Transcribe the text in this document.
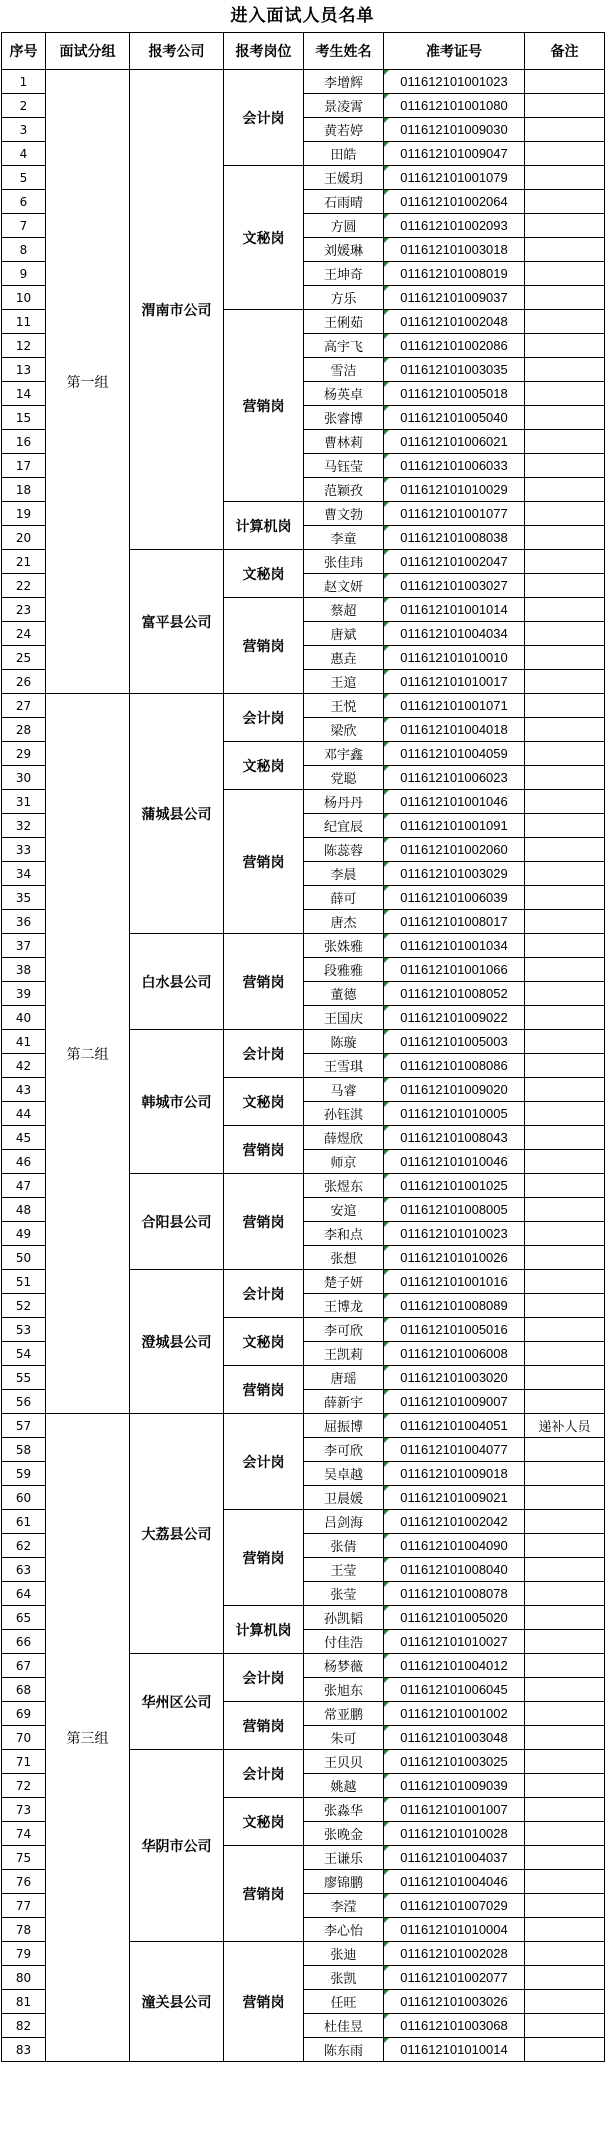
进入面试人员名单
序号	面试分组	报考公司	报考岗位	考生姓名	准考证号	备注
1	第一组	渭南市公司	会计岗	李增辉	011612101001023	
2				景凌霄	011612101001080	
3				黄若婷	011612101009030	
4				田皓	011612101009047	
5			文秘岗	王媛玥	011612101001079	
6				石雨晴	011612101002064	
7				方圆	011612101002093	
8				刘媛琳	011612101003018	
9				王坤奇	011612101008019	
10				方乐	011612101009037	
11			营销岗	王俐茹	011612101002048	
12				高宇飞	011612101002086	
13				雪洁	011612101003035	
14				杨英卓	011612101005018	
15				张睿博	011612101005040	
16				曹林莉	011612101006021	
17				马钰莹	011612101006033	
18				范颖孜	011612101010029	
19			计算机岗	曹文勃	011612101001077	
20				李童	011612101008038	
21		富平县公司	文秘岗	张佳玮	011612101002047	
22				赵文妍	011612101003027	
23			营销岗	蔡超	011612101001014	
24				唐斌	011612101004034	
25				惠垚	011612101010010	
26				王逭	011612101010017	
27	第二组	蒲城县公司	会计岗	王悦	011612101001071	
28				梁欣	011612101004018	
29			文秘岗	邓宇鑫	011612101004059	
30				党聪	011612101006023	
31			营销岗	杨丹丹	011612101001046	
32				纪宜辰	011612101001091	
33				陈蕊蓉	011612101002060	
34				李晨	011612101003029	
35				薛可	011612101006039	
36				唐杰	011612101008017	
37		白水县公司	营销岗	张姝雅	011612101001034	
38				段雅雅	011612101001066	
39				董德	011612101008052	
40				王国庆	011612101009022	
41		韩城市公司	会计岗	陈璇	011612101005003	
42				王雪琪	011612101008086	
43			文秘岗	马睿	011612101009020	
44				孙钰淇	011612101010005	
45			营销岗	薛煜欣	011612101008043	
46				师京	011612101010046	
47		合阳县公司	营销岗	张煜东	011612101001025	
48				安逭	011612101008005	
49				李和点	011612101010023	
50				张想	011612101010026	
51		澄城县公司	会计岗	楚子妍	011612101001016	
52				王博龙	011612101008089	
53			文秘岗	李可欣	011612101005016	
54				王凯莉	011612101006008	
55			营销岗	唐瑶	011612101003020	
56				薛新宇	011612101009007	
57	第三组	大荔县公司	会计岗	屈振博	011612101004051	递补人员
58				李可欣	011612101004077	
59				吴卓越	011612101009018	
60				卫晨媛	011612101009021	
61			营销岗	吕剑海	011612101002042	
62				张倩	011612101004090	
63				王莹	011612101008040	
64				张莹	011612101008078	
65			计算机岗	孙凯韬	011612101005020	
66				付佳浩	011612101010027	
67		华州区公司	会计岗	杨梦薇	011612101004012	
68				张旭东	011612101006045	
69			营销岗	常亚鹏	011612101001002	
70				朱可	011612101003048	
71		华阴市公司	会计岗	王贝贝	011612101003025	
72				姚越	011612101009039	
73			文秘岗	张淼华	011612101001007	
74				张晚金	011612101010028	
75			营销岗	王谦乐	011612101004037	
76				廖锦鹏	011612101004046	
77				李滢	011612101007029	
78				李心怡	011612101010004	
79		潼关县公司	营销岗	张迪	011612101002028	
80				张凯	011612101002077	
81				任旺	011612101003026	
82				杜佳昱	011612101003068	
83				陈东雨	011612101010014	
